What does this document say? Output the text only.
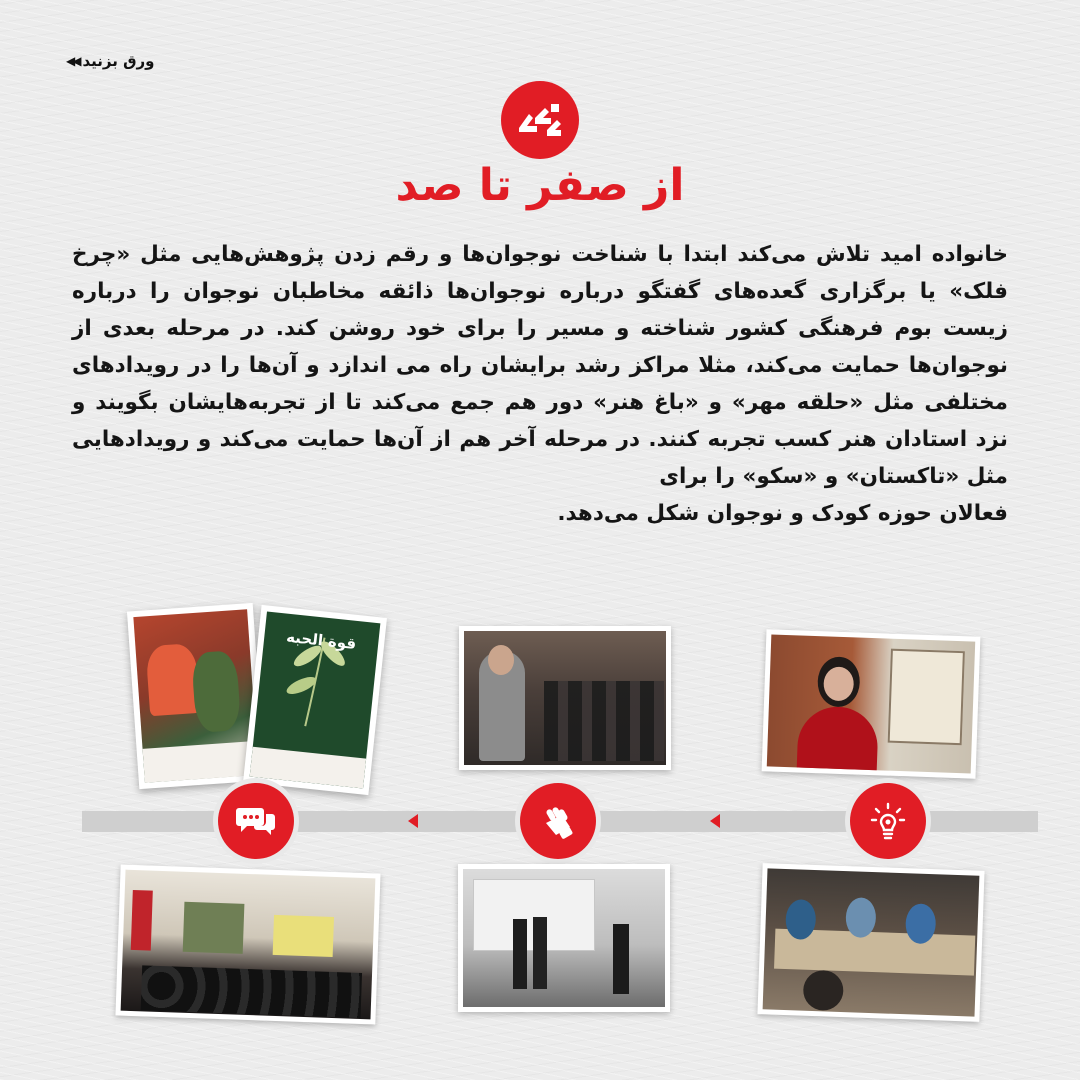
ورق بزنید
◀◀
از صفر تا صد

خانواده امید تلاش می‌کند ابتدا با شناخت نوجوان‌ها و رقم زدن پژوهش‌هایی مثل «چرخ فلک» یا برگزاری گعده‌های گفتگو درباره نوجوان‌ها ذائقه مخاطبان نوجوان را درباره زیست بوم فرهنگی کشور شناخته و مسیر را برای خود روشن کند. در مرحله بعدی از نوجوان‌ها حمایت می‌کند، مثلا مراکز رشد برایشان راه می اندازد و آن‌ها را در رویدادهای مختلفی مثل «حلقه مهر» و «باغ هنر» دور هم جمع می‌کند تا از تجربه‌هایشان بگویند و نزد استادان هنر کسب تجربه کنند. در مرحله آخر هم از آن‌ها حمایت می‌کند و رویدادهایی مثل «تاکستان» و «سکو» را برای
فعالان حوزه کودک و نوجوان شکل می‌دهد.

قوة الحبه
